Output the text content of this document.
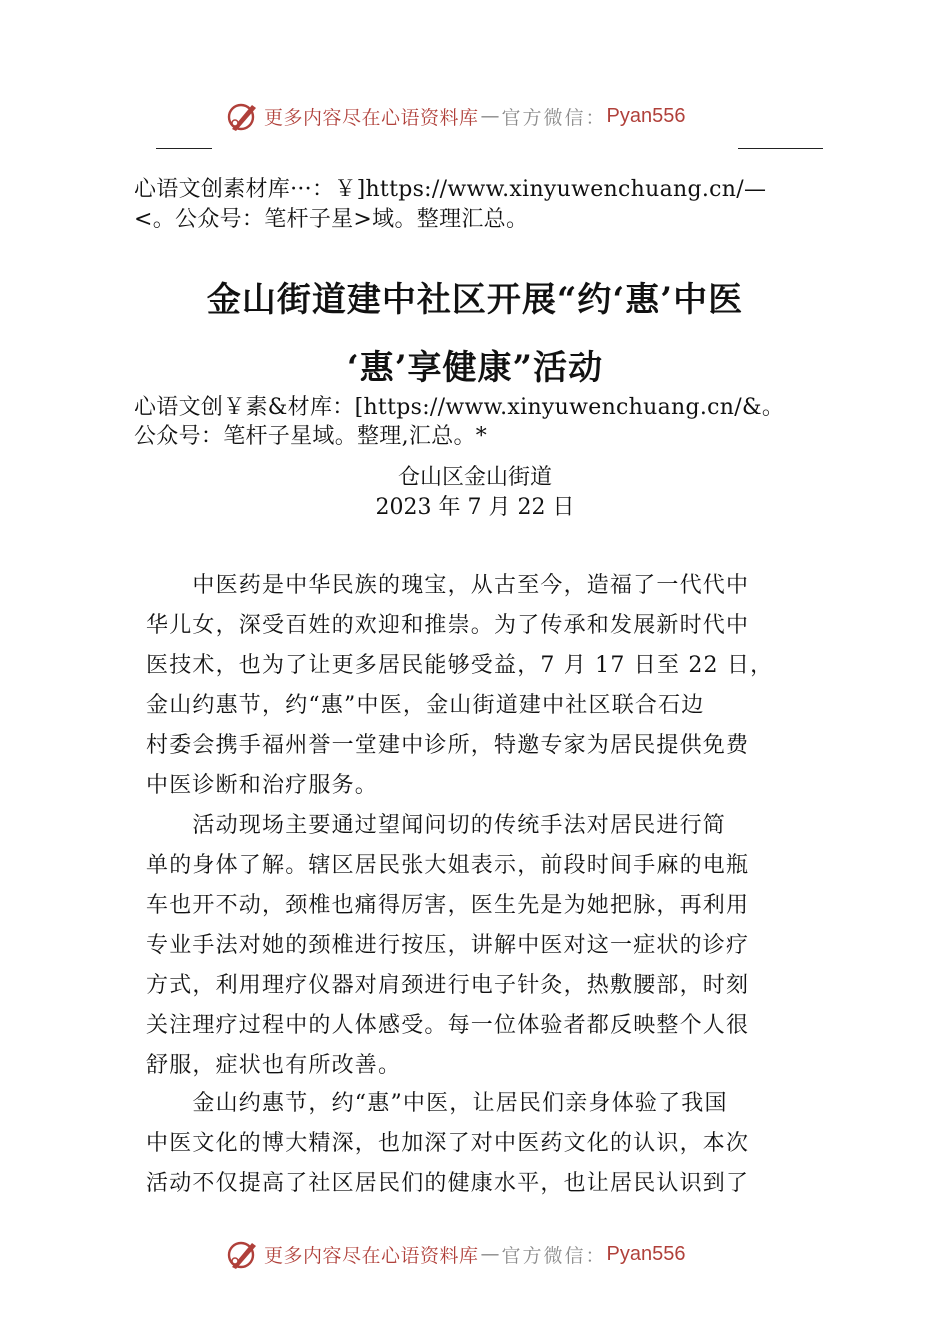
更多内容尽在心语资料库 — 官方微信： Pyan556
心语文创素材库···：￥]https://www.xinyuwenchuang.cn/—
<。公众号：笔杆子星>域。整理汇总。
金山街道建中社区开展“约‘惠’中医
‘惠’享健康”活动
心语文创￥素&材库：[https://www.xinyuwenchuang.cn/&。
公众号：笔杆子星域。整理,汇总。*
仓山区金山街道
2023 年 7 月 22 日
　　中医药是中华民族的瑰宝，从古至今，造福了一代代中
华儿女，深受百姓的欢迎和推崇。为了传承和发展新时代中
医技术，也为了让更多居民能够受益，7 月 17 日至 22 日，
金山约惠节，约“惠”中医，金山街道建中社区联合石边
村委会携手福州誉一堂建中诊所，特邀专家为居民提供免费
中医诊断和治疗服务。
　　活动现场主要通过望闻问切的传统手法对居民进行简
单的身体了解。辖区居民张大姐表示，前段时间手麻的电瓶
车也开不动，颈椎也痛得厉害，医生先是为她把脉，再利用
专业手法对她的颈椎进行按压，讲解中医对这一症状的诊疗
方式，利用理疗仪器对肩颈进行电子针灸，热敷腰部，时刻
关注理疗过程中的人体感受。每一位体验者都反映整个人很
舒服，症状也有所改善。
　　金山约惠节，约“惠”中医，让居民们亲身体验了我国
中医文化的博大精深，也加深了对中医药文化的认识，本次
活动不仅提高了社区居民们的健康水平，也让居民认识到了
更多内容尽在心语资料库 — 官方微信： Pyan556
